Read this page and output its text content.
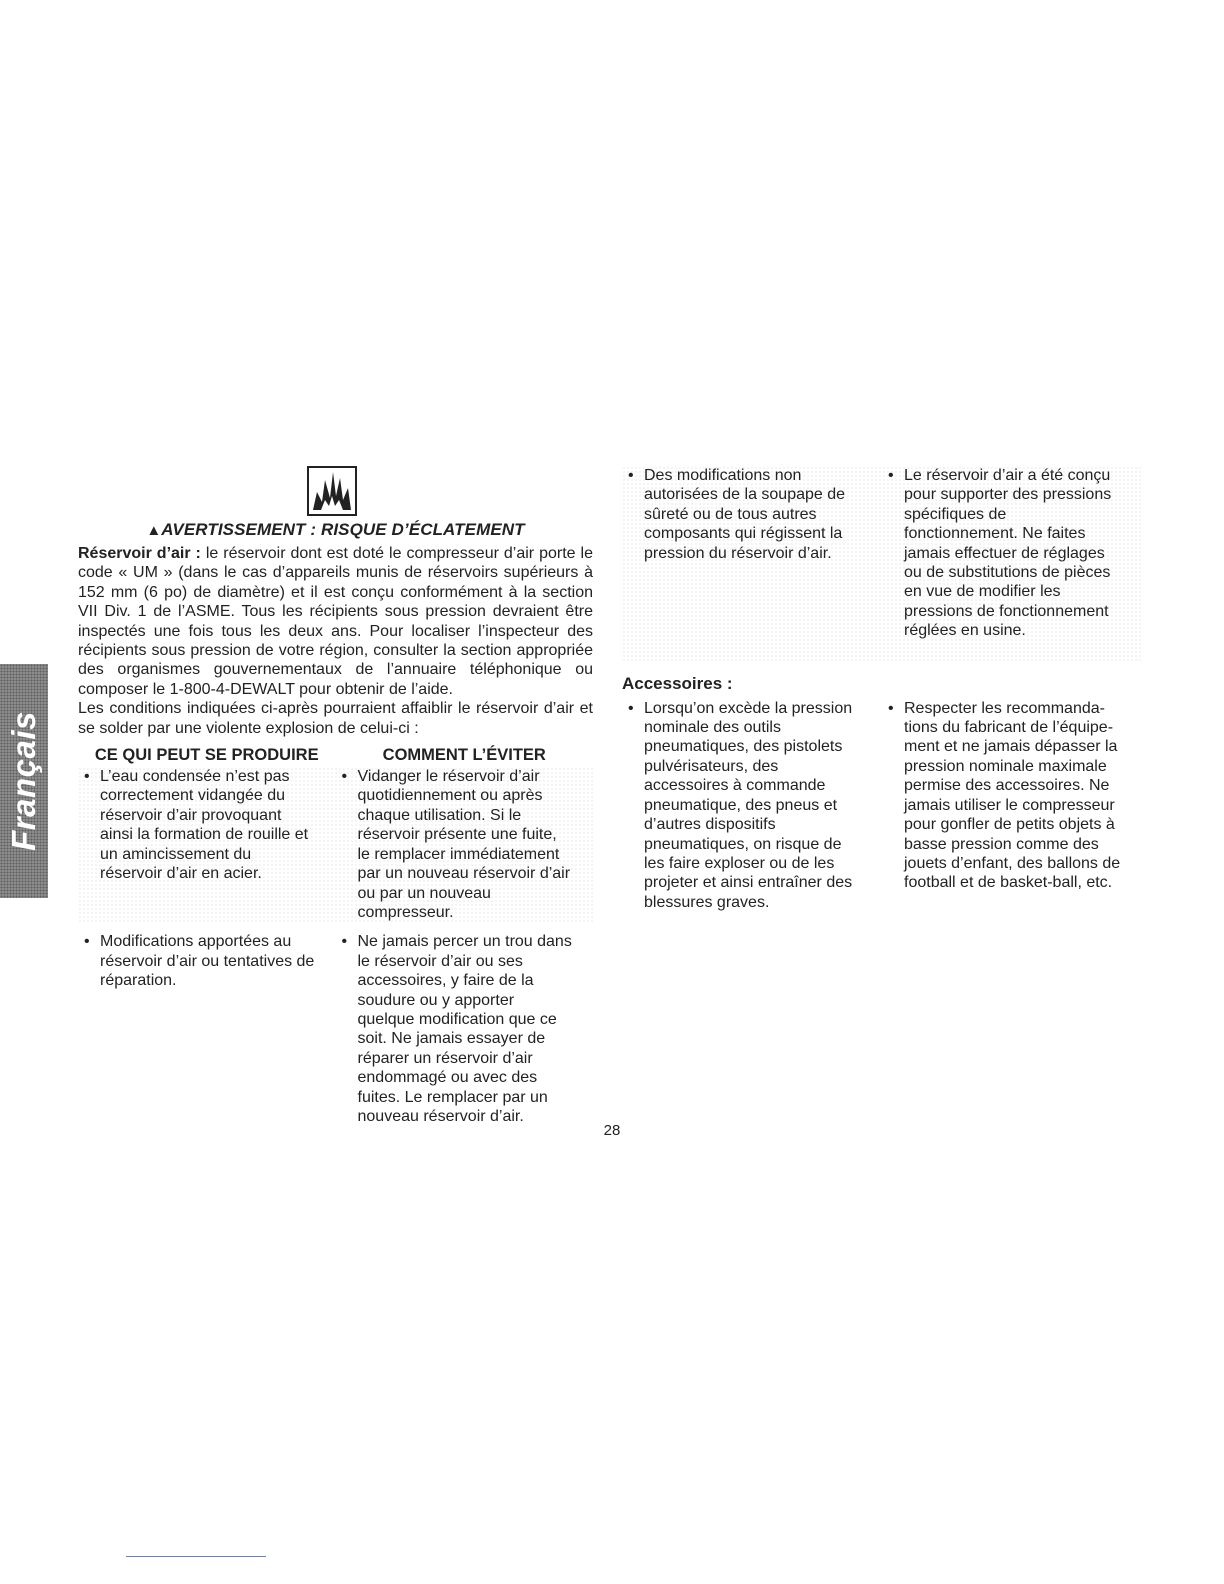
Français
▲AVERTISSEMENT : RISQUE D’ÉCLATEMENT

Réservoir d’air : le réservoir dont est doté le compresseur d’air porte le code « UM » (dans le cas d’appareils munis de réservoirs supérieurs à 152 mm (6 po) de diamètre) et il est conçu conformément à la section VII Div. 1 de l’ASME. Tous les récipients sous pression devraient être inspectés une fois tous les deux ans. Pour localiser l’inspecteur des récipients sous pression de votre région, consulter la section appropriée des organismes gouvernementaux de l’annuaire téléphonique ou composer le 1-800-4-DEWALT pour obtenir de l’aide.

Les conditions indiquées ci-après pourraient affaiblir le réservoir d’air et se solder par une violente explosion de celui-ci :

CE QUI PEUT SE PRODUIRE	COMMENT L’ÉVITER
• L’eau condensée n’est pas correctement vidangée du réservoir d’air provoquant ainsi la formation de rouille et un amincissement du réservoir d’air en acier.
• Vidanger le réservoir d’air quotidiennement ou après chaque utilisation. Si le réservoir présente une fuite, le remplacer immédiatement par un nouveau réservoir d’air ou par un nouveau compresseur.
• Modifications apportées au réservoir d’air ou tentatives de réparation.
• Ne jamais percer un trou dans le réservoir d’air ou ses accessoires, y faire de la soudure ou y apporter quelque modification que ce soit. Ne jamais essayer de réparer un réservoir d’air endommagé ou avec des fuites. Le remplacer par un nouveau réservoir d’air.
• Des modifications non autorisées de la soupape de sûreté ou de tous autres composants qui régissent la pression du réservoir d’air.
• Le réservoir d’air a été conçu pour supporter des pressions spécifiques de fonctionnement. Ne faites jamais effectuer de réglages ou de substitutions de pièces en vue de modifier les pressions de fonctionnement réglées en usine.
Accessoires :
• Lorsqu’on excède la pression nominale des outils pneumatiques, des pistolets pulvérisateurs, des accessoires à commande pneumatique, des pneus et d’autres dispositifs pneumatiques, on risque de les faire exploser ou de les projeter et ainsi entraîner des blessures graves.
• Respecter les recommanda-tions du fabricant de l’équipe-ment et ne jamais dépasser la pression nominale maximale permise des accessoires. Ne jamais utiliser le compresseur pour gonfler de petits objets à basse pression comme des jouets d’enfant, des ballons de football et de basket-ball, etc.
28
